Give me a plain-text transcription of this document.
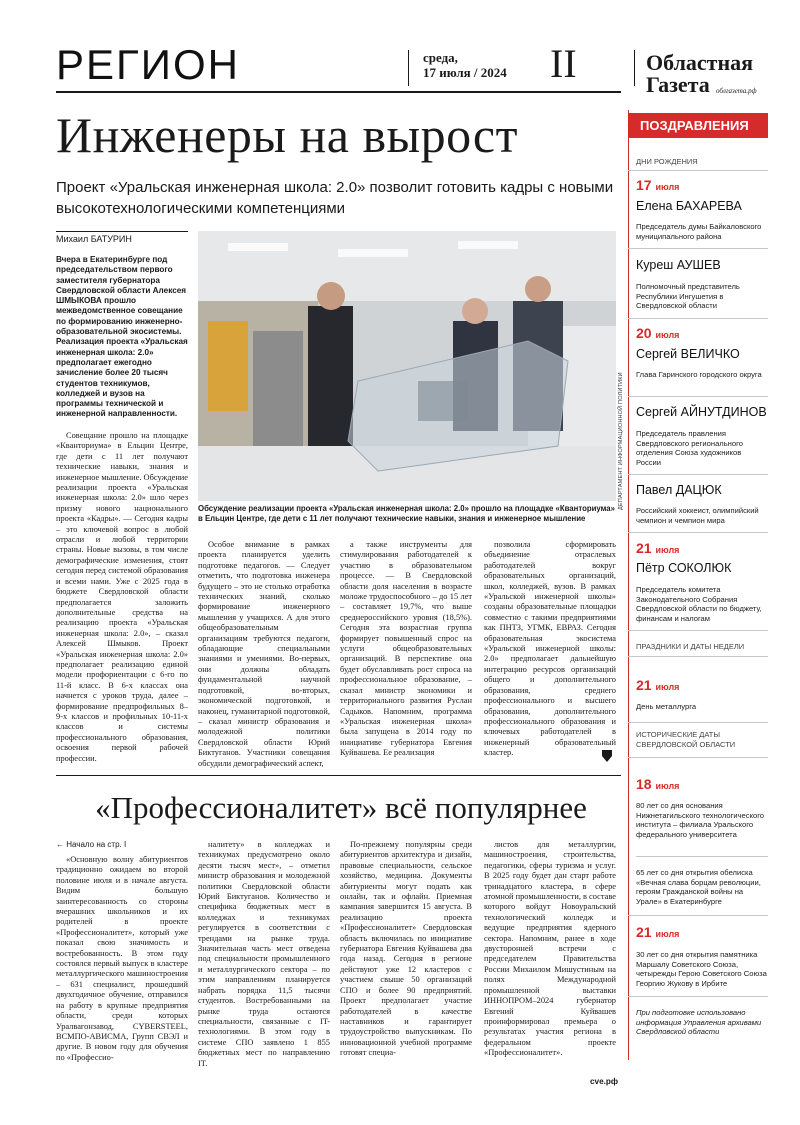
РЕГИОН	среда,
17 июля / 2024 II	Областная
Газета облгазета.рф
Инженеры на вырост
Проект «Уральская инженерная школа: 2.0» позволит готовить кадры с новыми высокотехнологическими компетенциями
Михаил БАТУРИН
Вчера в Екатеринбурге под председательством первого заместителя губернатора Свердловской области Алексея ШМЫКОВА прошло межведомственное совещание по формированию инженерно-образовательной экосистемы. Реализация проекта «Уральская инженерная школа: 2.0» предполагает ежегодно зачисление более 20 тысяч студентов техникумов, колледжей и вузов на программы технической и инженерной направленности.	ДЕПАРТАМЕНТ ИНФОРМАЦИОННОЙ ПОЛИТИКИ
Обсуждение реализации проекта «Уральская инженерная школа: 2.0» прошло на площадке «Кванториума» в Ельцин Центре, где дети с 11 лет получают технические навыки, знания и инженерное мышление

Совещание прошло на площадке «Кванториума» в Ельцин Центре, где дети с 11 лет получают технические навыки, знания и инженерное мышление. Обсуждение реализации проекта «Уральская инженерная школа: 2.0» шло через призму нового национального проекта «Кадры». — Сегодня кадры – это ключевой вопрос в любой отрасли и любой территории страны. Новые вызовы, в том числе демографические изменения, стоят сегодня перед системой образования и всеми нами. Уже с 2025 года в бюджете Свердловской области предполагается заложить дополнительные средства на реализацию проекта «Уральская инженерная школа: 2.0», – сказал Алексей Шмыков. Проект «Уральская инженерная школа: 2.0» предполагает реализацию единой модели профориентации с 6-го по 11-й класс. В 6-х классах она начнется с уроков труда, далее – формирование предпрофильных 8–9-х классов и профильных 10-11-х классов и системы профессионального образования, освоения первой рабочей профессии.

Особое внимание в рамках проекта планируется уделить подготовке педагогов. — Следует отметить, что подготовка инженера будущего – это не столько отработка технических знаний, сколько формирование инженерного мышления у учащихся. А для этого общеобразовательным организациям требуются педагоги, обладающие специальными знаниями и умениями. Во-первых, они должны обладать фундаментальной научной подготовкой, во-вторых, экономической подготовкой, и наконец, гуманитарной подготовкой, – сказал министр образования и молодежной политики Свердловской области Юрий Биктуганов. Участники совещания обсудили демографический аспект,

а также инструменты для стимулирования работодателей к участию в образовательном процессе. — В Свердловской области доля населения в возрасте моложе трудоспособного – до 15 лет – составляет 19,7%, что выше среднероссийского уровня (18,5%). Сегодня эта возрастная группа формирует повышенный спрос на услуги общеобразовательных организаций. В перспективе она будет обуславливать рост спроса на профессиональное образование, – сказал министр экономики и территориального развития Руслан Садыков. Напомним, программа «Уральская инженерная школа» была запущена в 2014 году по инициативе губернатора Евгения Куйвашева. Ее реализация

позволила сформировать объединение отраслевых работодателей вокруг образовательных организаций, школ, колледжей, вузов. В рамках «Уральской инженерной школы» созданы образовательные площадки совместно с такими предприятиями как ПНТЗ, УГМК, ЕВРАЗ. Сегодня образовательная экосистема «Уральской инженерной школы: 2.0» предполагает дальнейшую интеграцию ресурсов организаций общего и дополнительного образования, среднего профессионального и высшего образования, дополнительного профессионального образования и ключевых работодателей в инженерный образовательный кластер.

«Профессионалитет» всё популярнее
← Начало на стр. I

«Основную волну абитуриентов традиционно ожидаем во второй половине июля и в начале августа. Видим большую заинтересованность со стороны вчерашних школьников и их родителей в проекте «Профессионалитет», который уже показал свою значимость и востребованность. В этом году состоялся первый выпуск в кластере металлургического машиностроения – 631 специалист, прошедший двухгодичное обучение, отправился на работу в крупные предприятия области, среди которых Уралвагонзавод, CYBERSTEEL, ВСМПО-АВИСМА, Групп СВЭЛ и другие. В новом году для обучения по «Профессио-

налитету» в колледжах и техникумах предусмотрено около десяти тысяч мест», – отметил министр образования и молодежной политики Свердловской области Юрий Биктуганов. Количество и специфика бюджетных мест в колледжах и техникумах регулируется в соответствии с трендами на рынке труда. Значительная часть мест отведена под специальности промышленного и металлургического сектора – по этим направлениям планируется набрать порядка 11,5 тысячи студентов. Востребованными на рынке труда остаются специальности, связанные с IT-технологиями. В этом году в системе СПО заявлено 1 855 бюджетных мест по направлению IT.

По-прежнему популярны среди абитуриентов архитектура и дизайн, правовые специальности, сельское хозяйство, медицина. Документы абитуриенты могут подать как онлайн, так и офлайн. Приемная кампания завершится 15 августа. В реализацию проекта «Профессионалитет» Свердловская область включилась по инициативе губернатора Евгения Куйвашева два года назад. Сегодня в регионе действуют уже 12 кластеров с участием свыше 50 организаций СПО и более 90 предприятий. Проект предполагает участие работодателей в качестве наставников и гарантирует трудоустройство выпускникам. По инновационной учебной программе готовят специа-

листов для металлургии, машиностроения, строительства, педагогики, сферы туризма и услуг. В 2025 году будет дан старт работе тринадцатого кластера, в сфере атомной промышленности, в составе которого войдут Новоуральский технологический колледж и ведущие предприятия ядерного сектора. Напомним, ранее в ходе двусторонней встречи с председателем Правительства России Михаилом Мишустиным на полях Международной промышленной выставки ИННОПРОМ–2024 губернатор Евгений Куйвашев проинформировал премьера о результатах участия региона в федеральном проекте «Профессионалитет».

сvе.рф
ПОЗДРАВЛЕНИЯ
ДНИ РОЖДЕНИЯ
17 июля
Елена БАХАРЕВА
Председатель думы Байкаловского муниципального района
Куреш АУШЕВ
Полномочный представитель Республики Ингушетия в Свердловской области
20 июля
Сергей ВЕЛИЧКО
Глава Гаринского городского округа
Сергей АЙНУТДИНОВ
Председатель правления Свердловского регионального отделения Союза художников России
Павел ДАЦЮК
Российский хоккеист, олимпийский чемпион и чемпион мира
21 июля
Пётр СОКОЛЮК
Председатель комитета Законодательного Собрания Свердловской области по бюджету, финансам и налогам
ПРАЗДНИКИ И ДАТЫ НЕДЕЛИ
21 июля
День металлурга
ИСТОРИЧЕСКИЕ ДАТЫ СВЕРДЛОВСКОЙ ОБЛАСТИ
18 июля
80 лет со дня основания Нижнетагильского технологического института – филиала Уральского федерального университета
65 лет со дня открытия обелиска «Вечная слава борцам революции, героям Гражданской войны на Урале» в Екатеринбурге
21 июля
30 лет со дня открытия памятника Маршалу Советского Союза, четырежды Герою Советского Союза Георгию Жукову в Ирбите
При подготовке использовано информация Управления архивами Свердловской области
